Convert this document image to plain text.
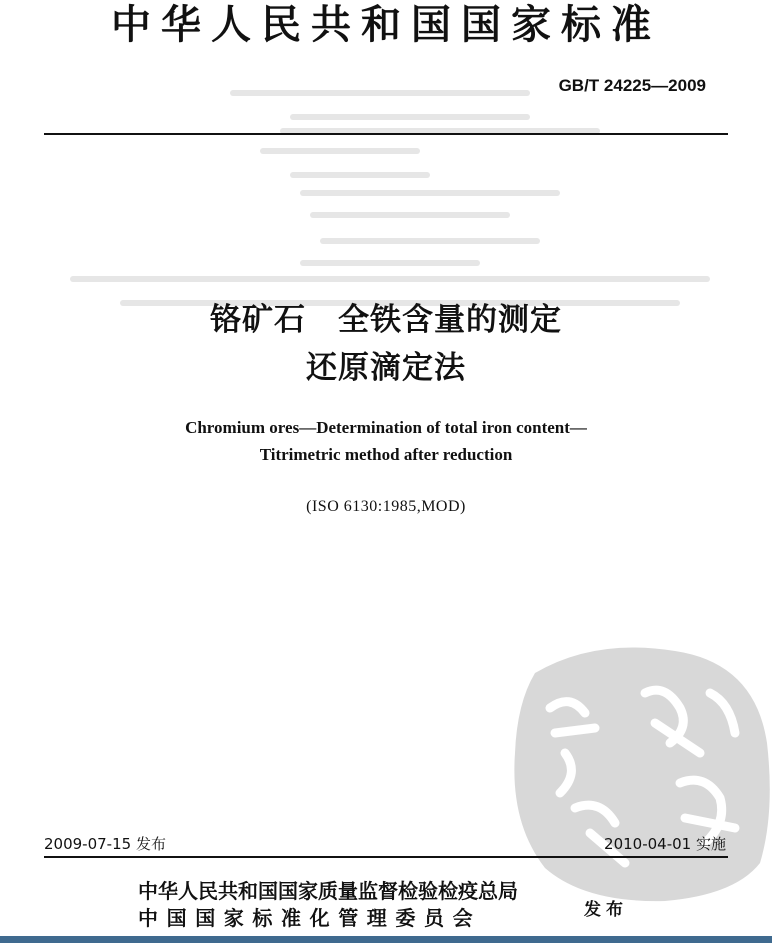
中华人民共和国国家标准
GB/T 24225—2009
铬矿石　全铁含量的测定
还原滴定法
Chromium ores—Determination of total iron content—
Titrimetric method after reduction
(ISO 6130:1985,MOD)
2009-07-15 发布	2010-04-01 实施
中华人民共和国国家质量监督检验检疫总局
中国国家标准化管理委员会	发布
